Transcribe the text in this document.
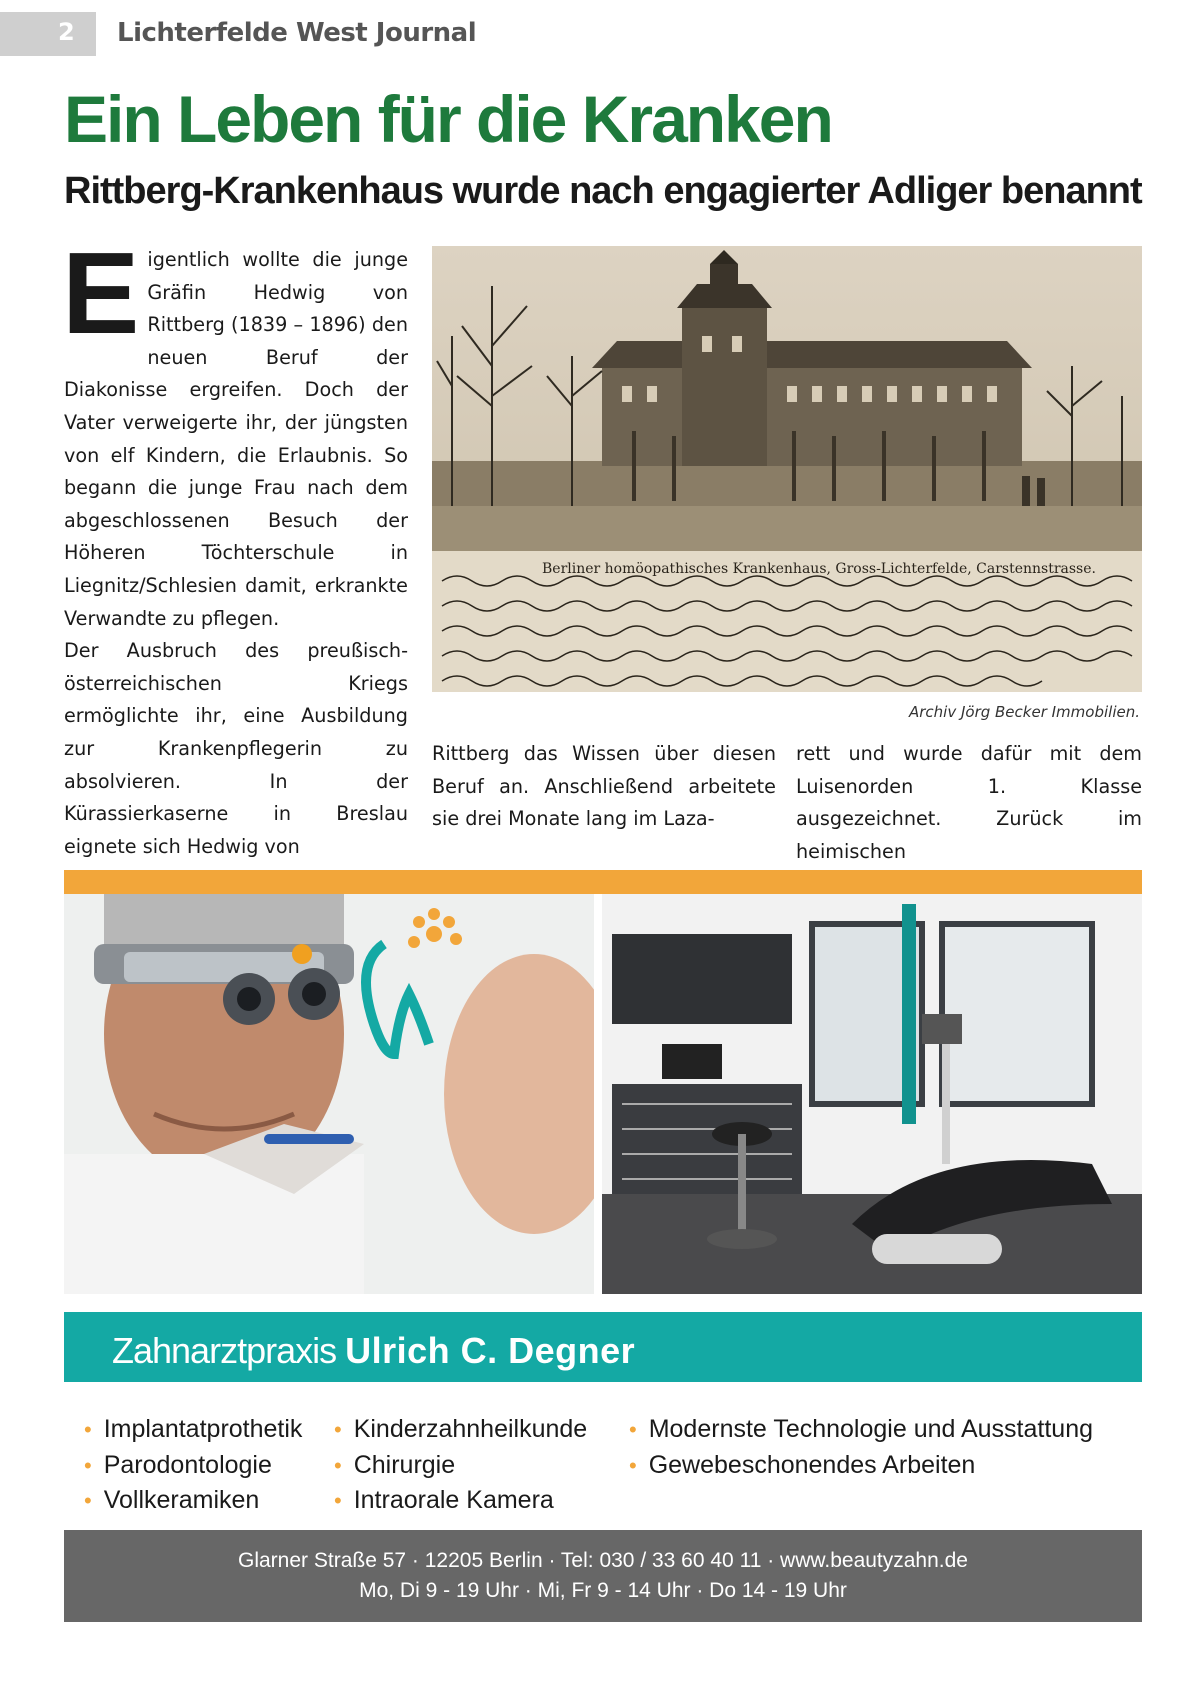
2 Lichterfelde West Journal
Ein Leben für die Kranken
Rittberg-Krankenhaus wurde nach engagierter Adliger benannt
E igentlich wollte die junge Gräfin Hedwig von Rittberg (1839 – 1896) den neuen Beruf der Diakonisse ergreifen. Doch der Vater verweigerte ihr, der jüngsten von elf Kindern, die Erlaubnis. So begann die junge Frau nach dem abgeschlossenen Besuch der Höheren Töchterschule in Liegnitz/Schlesien damit, erkrankte Verwandte zu pflegen.
Der Ausbruch des preußisch-österreichischen Kriegs ermöglichte ihr, eine Ausbildung zur Krankenpflegerin zu absolvieren. In der Kürassierkaserne in Breslau eignete sich Hedwig von
Berliner homöopathisches Krankenhaus, Gross-Lichterfelde, Carstennstrasse.
Archiv Jörg Becker Immobilien.
Rittberg das Wissen über diesen Beruf an. Anschließend arbeitete sie drei Monate lang im Laza-
rett und wurde dafür mit dem Luisenorden 1. Klasse ausgezeichnet. Zurück im heimischen
Zahnarztpraxis Ulrich C. Degner
• Implantatprothetik
• Parodontologie
• Vollkeramiken
• Kinderzahnheilkunde
• Chirurgie
• Intraorale Kamera
• Modernste Technologie und Ausstattung
• Gewebeschonendes Arbeiten
Glarner Straße 57 · 12205 Berlin · Tel: 030 / 33 60 40 11 · www.beautyzahn.de
Mo, Di 9 - 19 Uhr · Mi, Fr 9 - 14 Uhr · Do 14 - 19 Uhr
